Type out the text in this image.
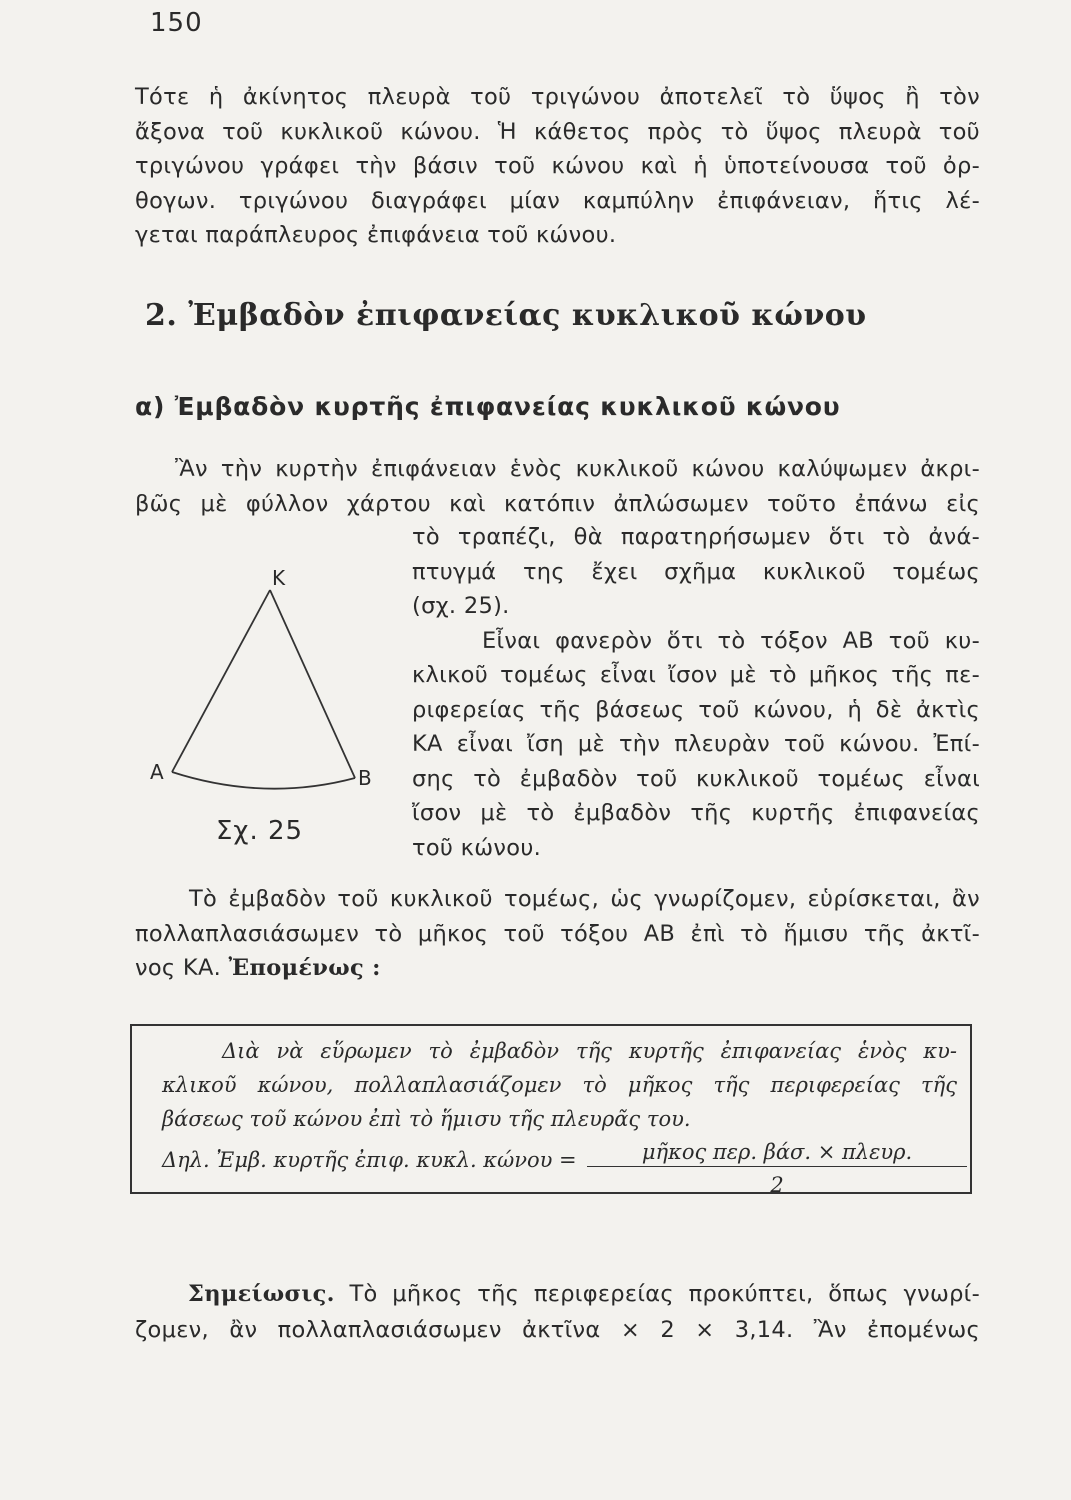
150
Τότε ἡ ἀκίνητος πλευρὰ τοῦ τριγώνου ἀποτελεῖ τὸ ὕψος ἢ τὸν
ἄξονα τοῦ κυκλικοῦ κώνου. Ἡ κάθετος πρὸς τὸ ὕψος πλευρὰ τοῦ
τριγώνου γράφει τὴν βάσιν τοῦ κώνου καὶ ἡ ὑποτείνουσα τοῦ ὀρ-
θογων. τριγώνου διαγράφει μίαν καμπύλην ἐπιφάνειαν, ἥτις λέ-
γεται παράπλευρος ἐπιφάνεια τοῦ κώνου.
2. Ἐμβαδὸν ἐπιφανείας κυκλικοῦ κώνου
α) Ἐμβαδὸν κυρτῆς ἐπιφανείας κυκλικοῦ κώνου
Ἂν τὴν κυρτὴν ἐπιφάνειαν ἑνὸς κυκλικοῦ κώνου καλύψωμεν ἀκρι-
βῶς μὲ φύλλον χάρτου καὶ κατόπιν ἀπλώσωμεν τοῦτο ἐπάνω εἰς
τὸ τραπέζι, θὰ παρατηρήσωμεν ὅτι τὸ ἀνά-
πτυγμά της ἔχει σχῆμα κυκλικοῦ τομέως
(σχ. 25).
Εἶναι φανερὸν ὅτι τὸ τόξον ΑΒ τοῦ κυ-
κλικοῦ τομέως εἶναι ἴσον μὲ τὸ μῆκος τῆς πε-
ριφερείας τῆς βάσεως τοῦ κώνου, ἡ δὲ ἀκτὶς
ΚΑ εἶναι ἴση μὲ τὴν πλευρὰν τοῦ κώνου. Ἐπί-
σης τὸ ἐμβαδὸν τοῦ κυκλικοῦ τομέως εἶναι
ἴσον μὲ τὸ ἐμβαδὸν τῆς κυρτῆς ἐπιφανείας
τοῦ κώνου.
Κ
Α	Β
Σχ. 25
Τὸ ἐμβαδὸν τοῦ κυκλικοῦ τομέως, ὡς γνωρίζομεν, εὑρίσκεται, ἂν
πολλαπλασιάσωμεν τὸ μῆκος τοῦ τόξου ΑΒ ἐπὶ τὸ ἥμισυ τῆς ἀκτῖ-
νος ΚΑ. Ἐπομένως :
Διὰ νὰ εὕρωμεν τὸ ἐμβαδὸν τῆς κυρτῆς ἐπιφανείας ἑνὸς κυ-
κλικοῦ κώνου, πολλαπλασιάζομεν τὸ μῆκος τῆς περιφερείας τῆς
βάσεως τοῦ κώνου ἐπὶ τὸ ἥμισυ τῆς πλευρᾶς του.
Δηλ. Ἐμβ. κυρτῆς ἐπιφ. κυκλ. κώνου =	μῆκος περ. βάσ. × πλευρ.
2
Σημείωσις. Τὸ μῆκος τῆς περιφερείας προκύπτει, ὅπως γνωρί-
ζομεν, ἂν πολλαπλασιάσωμεν ἀκτῖνα × 2 × 3,14. Ἂν ἐπομένως
